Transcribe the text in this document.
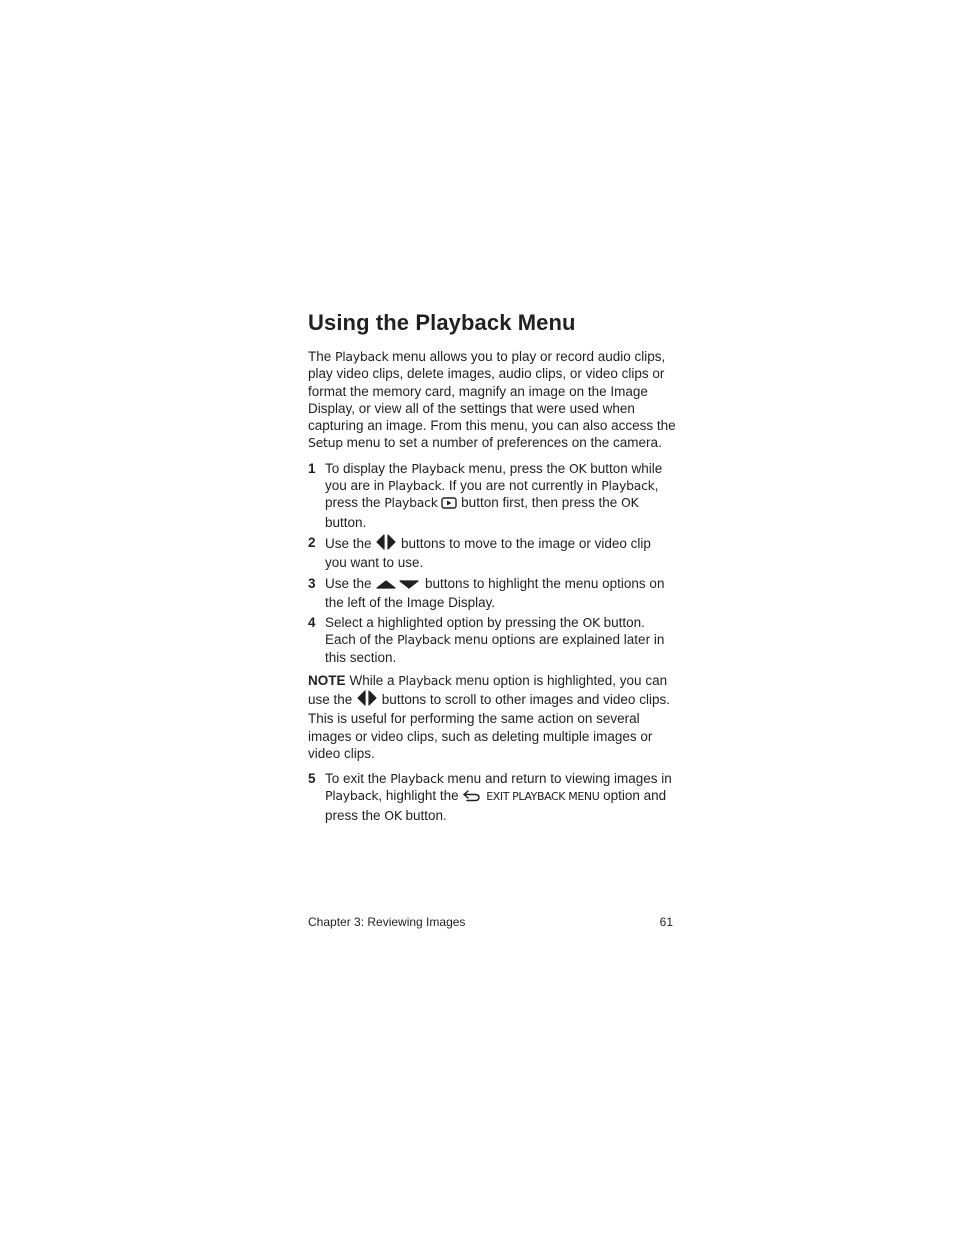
Using the Playback Menu

The Playback menu allows you to play or record audio clips, play video clips, delete images, audio clips, or video clips or format the memory card, magnify an image on the Image Display, or view all of the settings that were used when capturing an image. From this menu, you can also access the Setup menu to set a number of preferences on the camera.

1 To display the Playback menu, press the OK button while you are in Playback. If you are not currently in Playback, press the Playback  button first, then press the OK button.
2 Use the  buttons to move to the image or video clip you want to use.
3 Use the	buttons to highlight the menu options on the left of the Image Display.
4 Select a highlighted option by pressing the OK button. Each of the Playback menu options are explained later in this section.
NOTE While a Playback menu option is highlighted, you can use the  buttons to scroll to other images and video clips. This is useful for performing the same action on several images or video clips, such as deleting multiple images or video clips.
5 To exit the Playback menu and return to viewing images in Playback, highlight the  EXIT PLAYBACK MENU option and press the OK button.
Chapter 3: Reviewing Images	61
